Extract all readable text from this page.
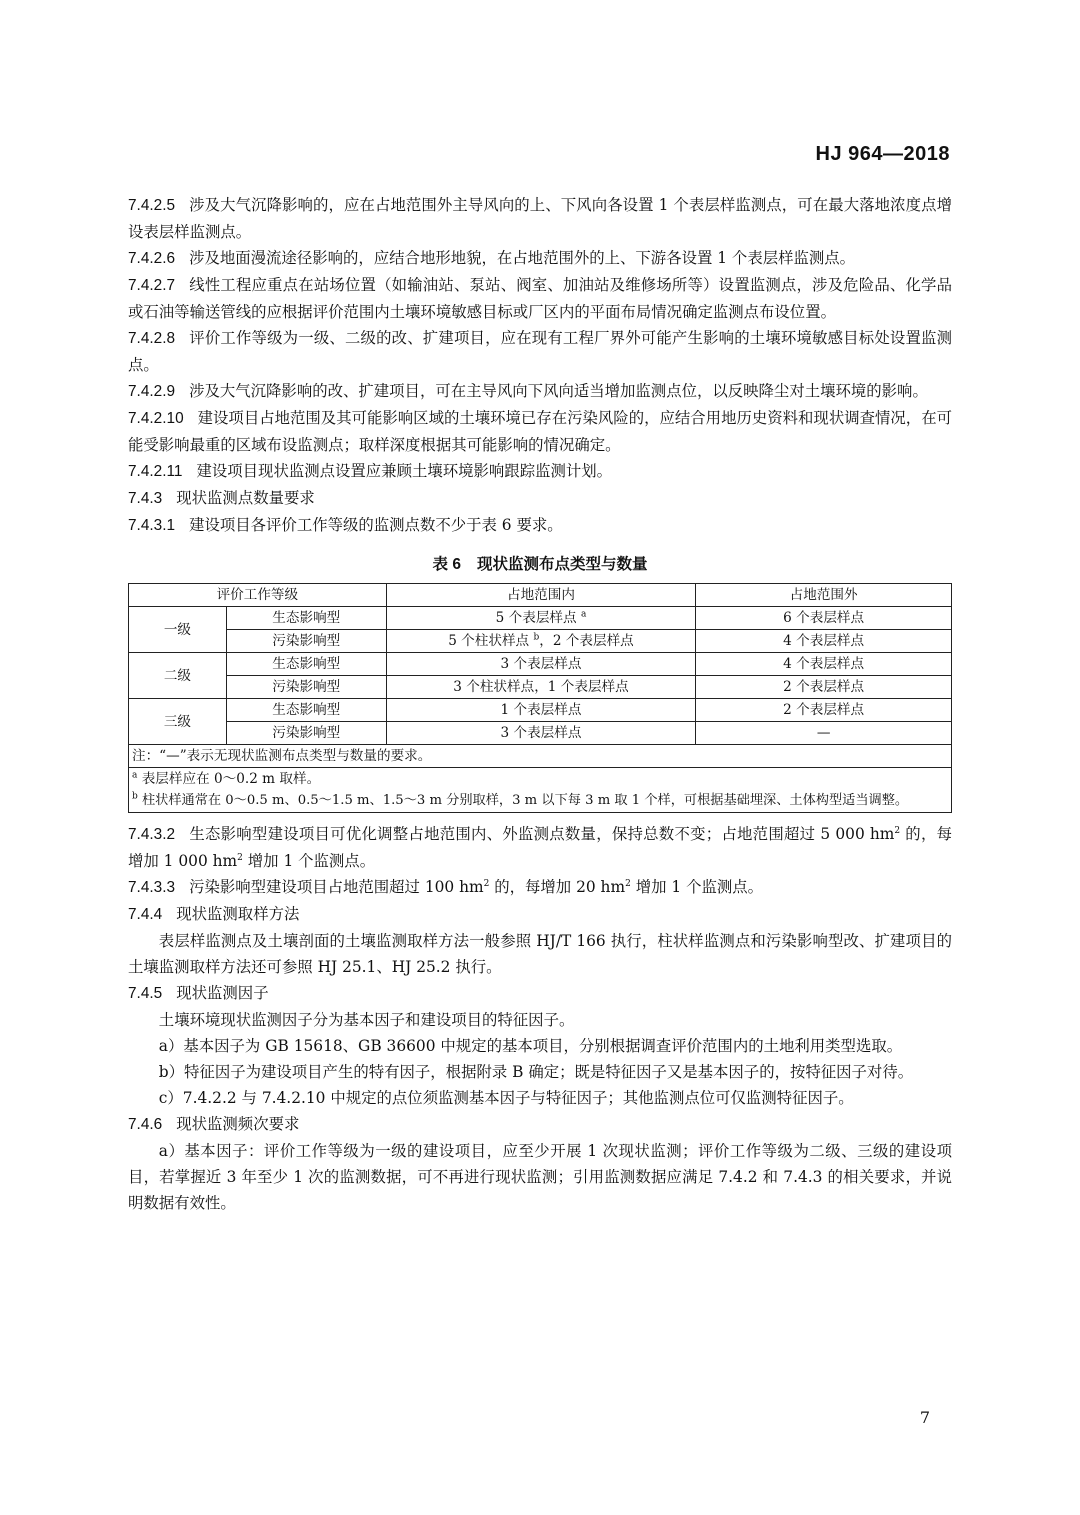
HJ 964—2018

7.4.2.5 涉及大气沉降影响的，应在占地范围外主导风向的上、下风向各设置 1 个表层样监测点，可在最大落地浓度点增设表层样监测点。

7.4.2.6 涉及地面漫流途径影响的，应结合地形地貌，在占地范围外的上、下游各设置 1 个表层样监测点。

7.4.2.7 线性工程应重点在站场位置（如输油站、泵站、阀室、加油站及维修场所等）设置监测点，涉及危险品、化学品或石油等输送管线的应根据评价范围内土壤环境敏感目标或厂区内的平面布局情况确定监测点布设位置。

7.4.2.8 评价工作等级为一级、二级的改、扩建项目，应在现有工程厂界外可能产生影响的土壤环境敏感目标处设置监测点。

7.4.2.9 涉及大气沉降影响的改、扩建项目，可在主导风向下风向适当增加监测点位，以反映降尘对土壤环境的影响。

7.4.2.10 建设项目占地范围及其可能影响区域的土壤环境已存在污染风险的，应结合用地历史资料和现状调查情况，在可能受影响最重的区域布设监测点；取样深度根据其可能影响的情况确定。

7.4.2.11 建设项目现状监测点设置应兼顾土壤环境影响跟踪监测计划。

7.4.3 现状监测点数量要求

7.4.3.1 建设项目各评价工作等级的监测点数不少于表 6 要求。

表 6 现状监测布点类型与数量
评价工作等级		占地范围内	占地范围外
一级	生态影响型	5 个表层样点 $^a$	6 个表层样点
	污染影响型	5 个柱状样点 $^b$，2 个表层样点	4 个表层样点
二级	生态影响型	3 个表层样点	4 个表层样点
	污染影响型	3 个柱状样点，1 个表层样点	2 个表层样点
三级	生态影响型	1 个表层样点	2 个表层样点
	污染影响型	3 个表层样点	—
注：“—”表示无现状监测布点类型与数量的要求。			
$^a$ 表层样应在 0～0.2 m 取样。			
$^b$ 柱状样通常在 0～0.5 m、0.5～1.5 m、1.5～3 m 分别取样，3 m 以下每 3 m 取 1 个样，可根据基础埋深、土体构型适当调整。			

7.4.3.2 生态影响型建设项目可优化调整占地范围内、外监测点数量，保持总数不变；占地范围超过 5 000 $hm^2$ 的，每增加 1 000 $hm^2$ 增加 1 个监测点。

7.4.3.3 污染影响型建设项目占地范围超过 100 $hm^2$ 的，每增加 20 $hm^2$ 增加 1 个监测点。

7.4.4 现状监测取样方法

表层样监测点及土壤剖面的土壤监测取样方法一般参照 HJ/T 166 执行，柱状样监测点和污染影响型改、扩建项目的土壤监测取样方法还可参照 HJ 25.1、HJ 25.2 执行。

7.4.5 现状监测因子

土壤环境现状监测因子分为基本因子和建设项目的特征因子。

a）基本因子为 GB 15618、GB 36600 中规定的基本项目，分别根据调查评价范围内的土地利用类型选取。

b）特征因子为建设项目产生的特有因子，根据附录 B 确定；既是特征因子又是基本因子的，按特征因子对待。

c）7.4.2.2 与 7.4.2.10 中规定的点位须监测基本因子与特征因子；其他监测点位可仅监测特征因子。

7.4.6 现状监测频次要求

a）基本因子：评价工作等级为一级的建设项目，应至少开展 1 次现状监测；评价工作等级为二级、三级的建设项目，若掌握近 3 年至少 1 次的监测数据，可不再进行现状监测；引用监测数据应满足 7.4.2 和 7.4.3 的相关要求，并说明数据有效性。

7
